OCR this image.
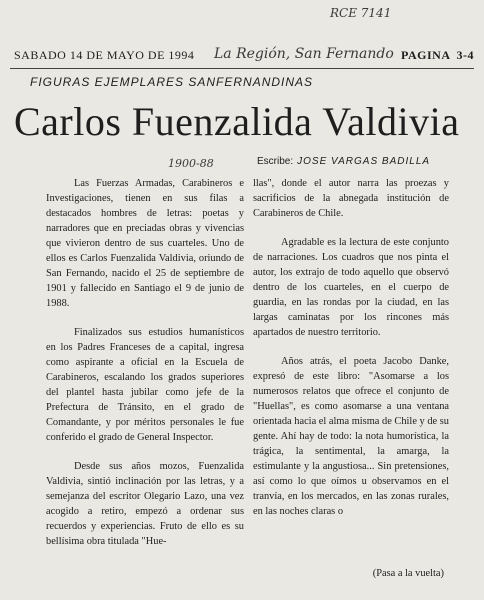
RCE 7141
La Región, San Fernando
1900-88
SABADO 14 DE MAYO DE 1994	PAGINA 3-4
FIGURAS EJEMPLARES SANFERNANDINAS
Carlos Fuenzalida Valdivia
Escribe: JOSE VARGAS BADILLA

Las Fuerzas Armadas, Carabineros e Investigaciones, tienen en sus filas a destacados hombres de letras: poetas y narradores que en preciadas obras y vivencias que vivieron dentro de sus cuarteles. Uno de ellos es Carlos Fuenzalida Valdivia, oriundo de San Fernando, nacido el 25 de septiembre de 1901 y fallecido en Santiago el 9 de junio de 1988.

Finalizados sus estudios humanísticos en los Padres Franceses de a capital, ingresa como aspirante a oficial en la Escuela de Carabineros, escalando los grados superiores del plantel hasta jubilar como jefe de la Prefectura de Tránsito, en el grado de Comandante, y por méritos personales le fue conferido el grado de General Inspector.

Desde sus años mozos, Fuenzalida Valdivia, sintió inclinación por las letras, y a semejanza del escritor Olegario Lazo, una vez acogido a retiro, empezó a ordenar sus recuerdos y experiencias. Fruto de ello es su bellísima obra titulada "Hue-

llas", donde el autor narra las proezas y sacrificios de la abnegada institución de Carabineros de Chile.

Agradable es la lectura de este conjunto de narraciones. Los cuadros que nos pinta el autor, los extrajo de todo aquello que observó dentro de los cuarteles, en el cuerpo de guardia, en las rondas por la ciudad, en las largas caminatas por los rincones más apartados de nuestro territorio.

Años atrás, el poeta Jacobo Danke, expresó de este libro: "Asomarse a los numerosos relatos que ofrece el conjunto de "Huellas", es como asomarse a una ventana orientada hacia el alma misma de Chile y de su gente. Ahí hay de todo: la nota humorística, la trágica, la sentimental, la amarga, la estimulante y la angustiosa... Sin pretensiones, así como lo que oímos u observamos en el tranvía, en los mercados, en las zonas rurales, en las noches claras o

(Pasa a la vuelta)
